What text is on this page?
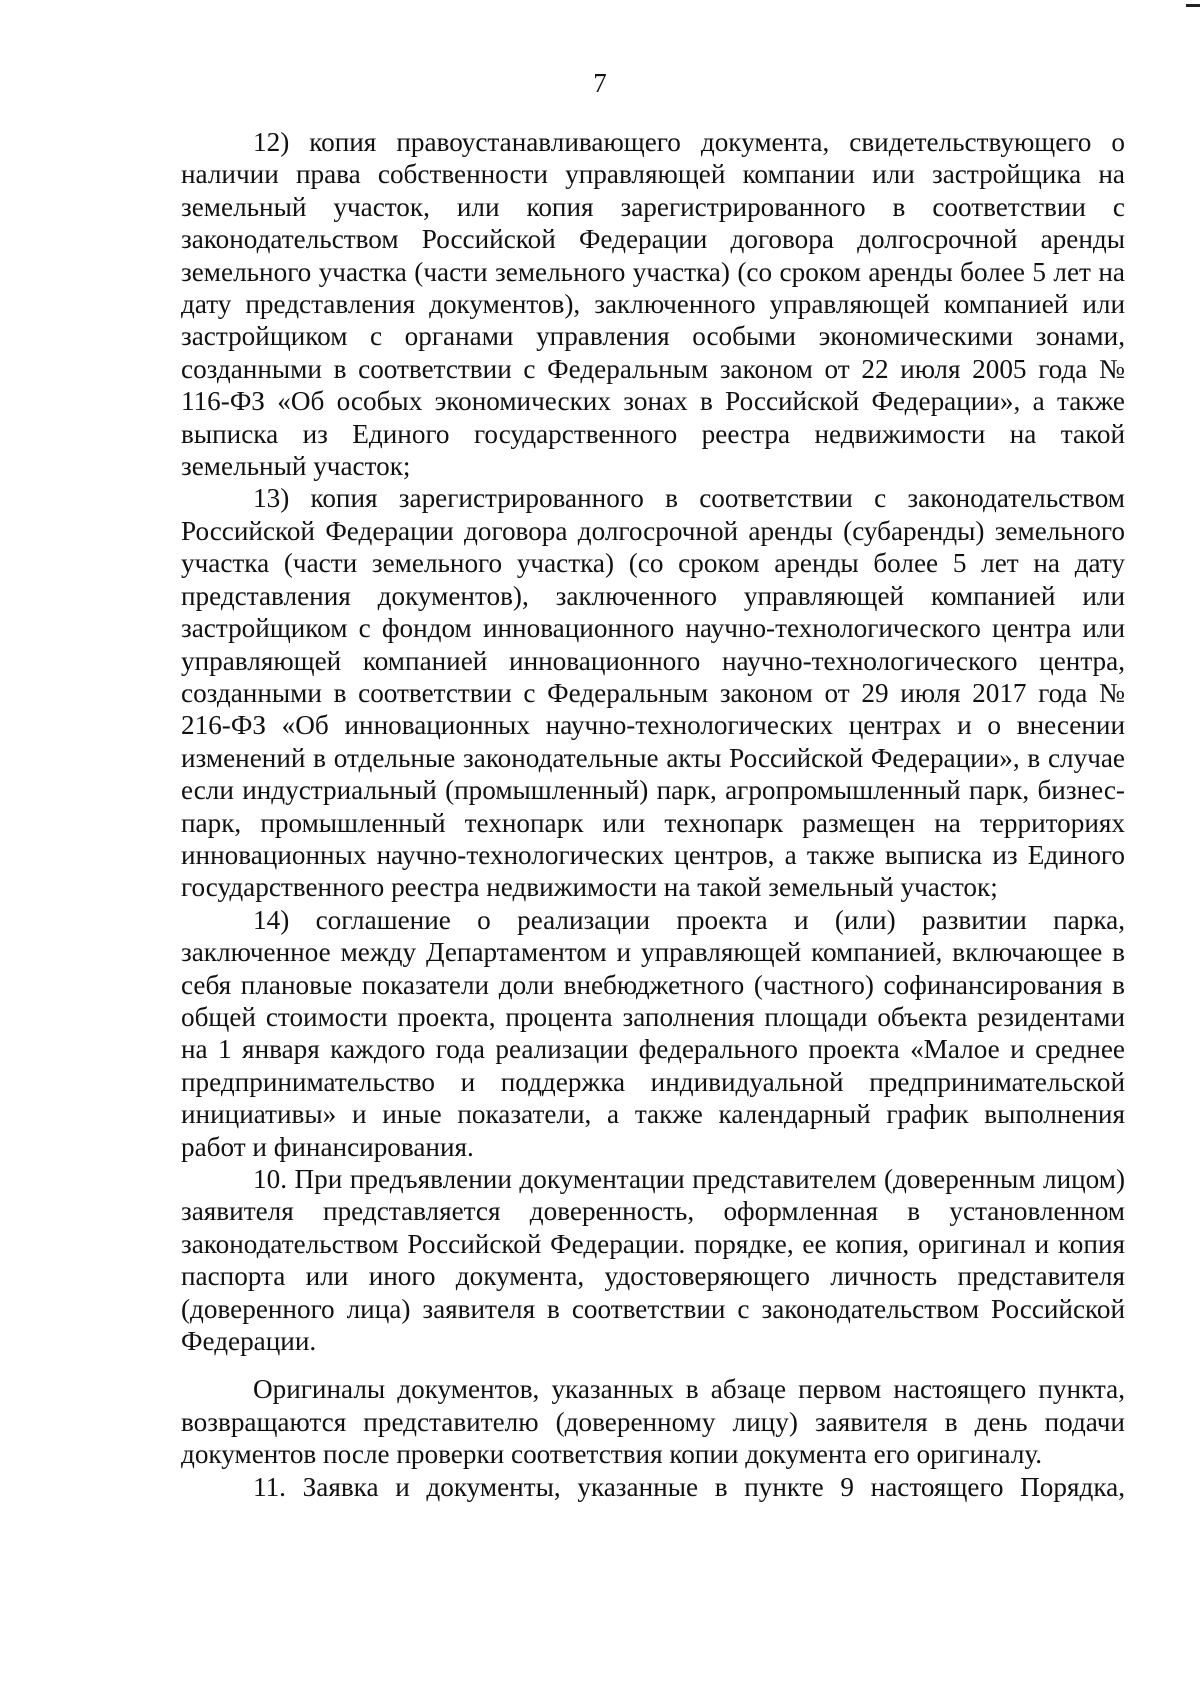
7

12) копия правоустанавливающего документа, свидетельствующего о наличии права собственности управляющей компании или застройщика на земельный участок, или копия зарегистрированного в соответствии с законодательством Российской Федерации договора долгосрочной аренды земельного участка (части земельного участка) (со сроком аренды более 5 лет на дату представления документов), заключенного управляющей компанией или застройщиком с органами управления особыми экономическими зонами, созданными в соответствии с Федеральным законом от 22 июля 2005 года № 116-ФЗ «Об особых экономических зонах в Российской Федерации», а также выписка из Единого государственного реестра недвижимости на такой земельный участок;

13) копия зарегистрированного в соответствии с законодательством Российской Федерации договора долгосрочной аренды (субаренды) земельного участка (части земельного участка) (со сроком аренды более 5 лет на дату представления документов), заключенного управляющей компанией или застройщиком с фондом инновационного научно-технологического центра или управляющей компанией инновационного научно-технологического центра, созданными в соответствии с Федеральным законом от 29 июля 2017 года № 216-ФЗ «Об инновационных научно-технологических центрах и о внесении изменений в отдельные законодательные акты Российской Федерации», в случае если индустриальный (промышленный) парк, агропромышленный парк, бизнес-парк, промышленный технопарк или технопарк размещен на территориях инновационных научно-технологических центров, а также выписка из Единого государственного реестра недвижимости на такой земельный участок;

14) соглашение о реализации проекта и (или) развитии парка, заключенное между Департаментом и управляющей компанией, включающее в себя плановые показатели доли внебюджетного (частного) софинансирования в общей стоимости проекта, процента заполнения площади объекта резидентами на 1 января каждого года реализации федерального проекта «Малое и среднее предпринимательство и поддержка индивидуальной предпринимательской инициативы» и иные показатели, а также календарный график выполнения работ и финансирования.

10. При предъявлении документации представителем (доверенным лицом) заявителя представляется доверенность, оформленная в установленном законодательством Российской Федерации. порядке, ее копия, оригинал и копия паспорта или иного документа, удостоверяющего личность представителя (доверенного лица) заявителя в соответствии с законодательством Российской Федерации.

Оригиналы документов, указанных в абзаце первом настоящего пункта, возвращаются представителю (доверенному лицу) заявителя в день подачи документов после проверки соответствия копии документа его оригиналу.

11. Заявка и документы, указанные в пункте 9 настоящего Порядка,
